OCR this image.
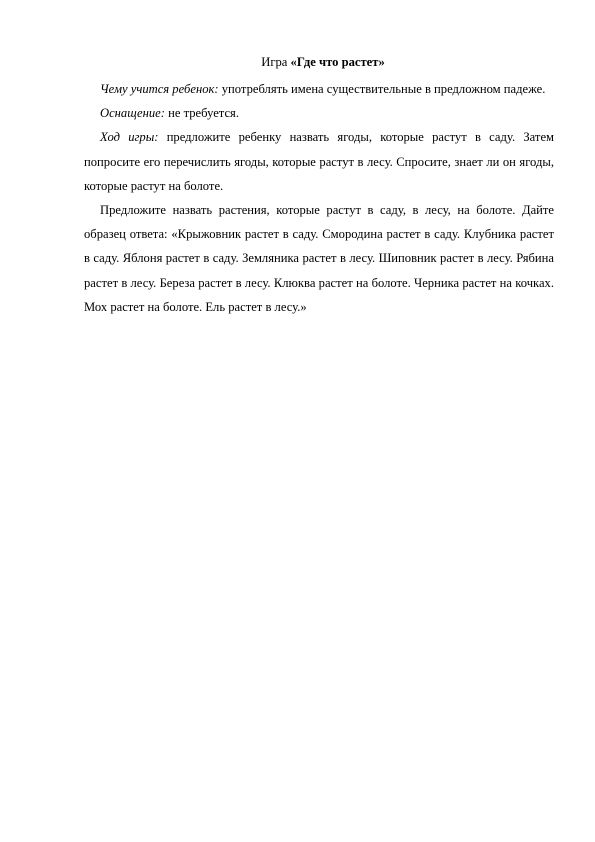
Игра «Где что растет»

Чему учится ребенок: употреблять имена существительные в предложном падеже.

Оснащение: не требуется.

Ход игры: предложите ребенку назвать ягоды, которые растут в саду. Затем попросите его перечислить ягоды, которые растут в лесу. Спросите, знает ли он ягоды, которые растут на болоте.

Предложите назвать растения, которые растут в саду, в лесу, на болоте. Дайте образец ответа: «Крыжовник растет в саду. Смородина растет в саду. Клубника растет в саду. Яблоня растет в саду. Земляника растет в лесу. Шиповник растет в лесу. Рябина растет в лесу. Береза растет в лесу. Клюква растет на болоте. Черника растет на кочках. Мох растет на болоте. Ель растет в лесу.»
